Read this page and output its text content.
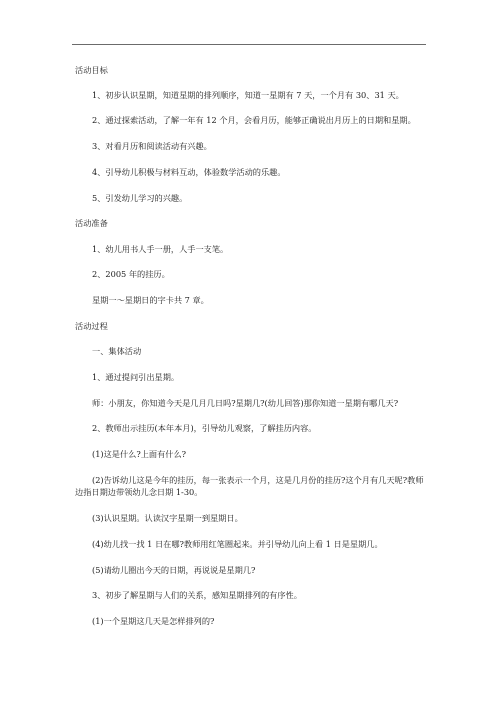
活动目标
1、初步认识星期，知道星期的排列顺序，知道一星期有 7 天，一个月有 30、31 天。
2、通过探索活动，了解一年有 12 个月，会看月历，能够正确说出月历上的日期和星期。
3、对看月历和阅读活动有兴趣。
4、引导幼儿积极与材料互动，体验数学活动的乐趣。
5、引发幼儿学习的兴趣。
活动准备
1、幼儿用书人手一册，人手一支笔。
2、2005 年的挂历。
星期一～星期日的字卡共 7 章。
活动过程
一、集体活动
1、通过提问引出星期。
师：小朋友，你知道今天是几月几日吗?星期几?(幼儿回答)那你知道一星期有哪几天?
2、教师出示挂历(本年本月)，引导幼儿观察，了解挂历内容。
(1)这是什么?上面有什么?
(2)告诉幼儿这是今年的挂历，每一张表示一个月，这是几月份的挂历?这个月有几天呢?教师边指日期边带领幼儿念日期 1-30。
(3)认识星期。认读汉字星期一到星期日。
(4)幼儿找一找 1 日在哪?教师用红笔圈起来。并引导幼儿向上看 1 日是星期几。
(5)请幼儿圈出今天的日期，再说说是星期几?
3、初步了解星期与人们的关系，感知星期排列的有序性。
(1)一个星期这几天是怎样排列的?
